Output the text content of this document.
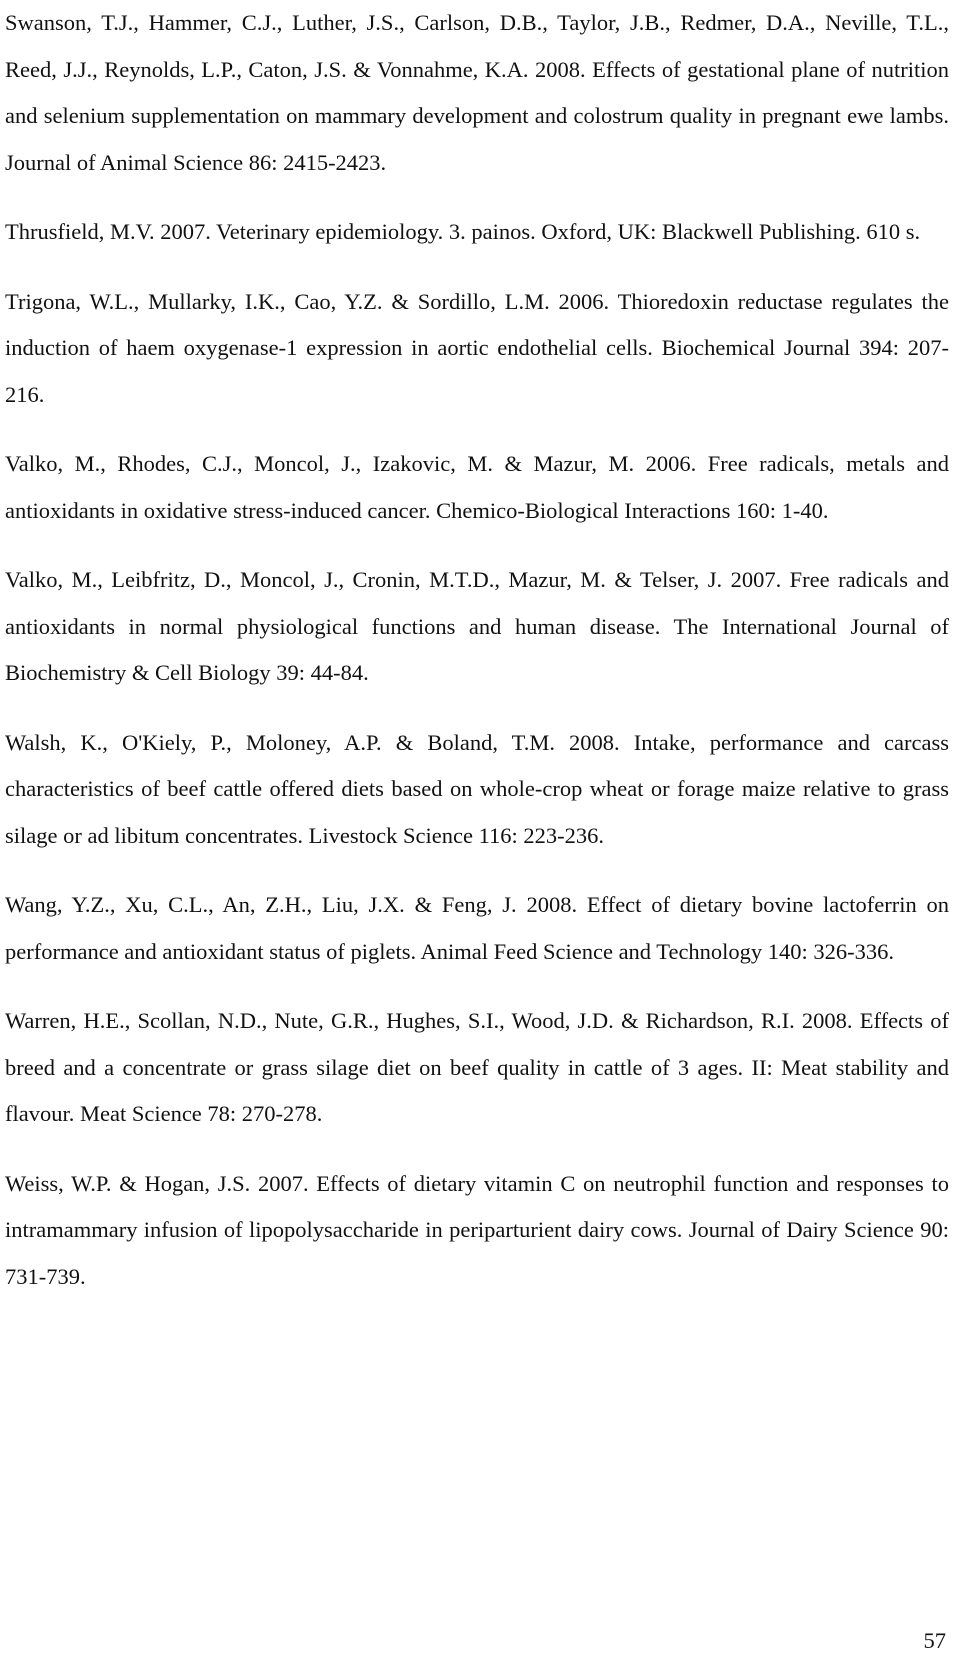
Swanson, T.J., Hammer, C.J., Luther, J.S., Carlson, D.B., Taylor, J.B., Redmer, D.A., Neville, T.L., Reed, J.J., Reynolds, L.P., Caton, J.S. & Vonnahme, K.A. 2008. Effects of gestational plane of nutrition and selenium supplementation on mammary development and colostrum quality in pregnant ewe lambs. Journal of Animal Science 86: 2415-2423.

Thrusfield, M.V. 2007. Veterinary epidemiology. 3. painos. Oxford, UK: Blackwell Publishing. 610 s.

Trigona, W.L., Mullarky, I.K., Cao, Y.Z. & Sordillo, L.M. 2006. Thioredoxin reductase regulates the induction of haem oxygenase-1 expression in aortic endothelial cells. Biochemical Journal 394: 207-216.

Valko, M., Rhodes, C.J., Moncol, J., Izakovic, M. & Mazur, M. 2006. Free radicals, metals and antioxidants in oxidative stress-induced cancer. Chemico-Biological Interactions 160: 1-40.

Valko, M., Leibfritz, D., Moncol, J., Cronin, M.T.D., Mazur, M. & Telser, J. 2007. Free radicals and antioxidants in normal physiological functions and human disease. The International Journal of Biochemistry & Cell Biology 39: 44-84.

Walsh, K., O'Kiely, P., Moloney, A.P. & Boland, T.M. 2008. Intake, performance and carcass characteristics of beef cattle offered diets based on whole-crop wheat or forage maize relative to grass silage or ad libitum concentrates. Livestock Science 116: 223-236.

Wang, Y.Z., Xu, C.L., An, Z.H., Liu, J.X. & Feng, J. 2008. Effect of dietary bovine lactoferrin on performance and antioxidant status of piglets. Animal Feed Science and Technology 140: 326-336.

Warren, H.E., Scollan, N.D., Nute, G.R., Hughes, S.I., Wood, J.D. & Richardson, R.I. 2008. Effects of breed and a concentrate or grass silage diet on beef quality in cattle of 3 ages. II: Meat stability and flavour. Meat Science 78: 270-278.

Weiss, W.P. & Hogan, J.S. 2007. Effects of dietary vitamin C on neutrophil function and responses to intramammary infusion of lipopolysaccharide in periparturient dairy cows. Journal of Dairy Science 90: 731-739.

57
